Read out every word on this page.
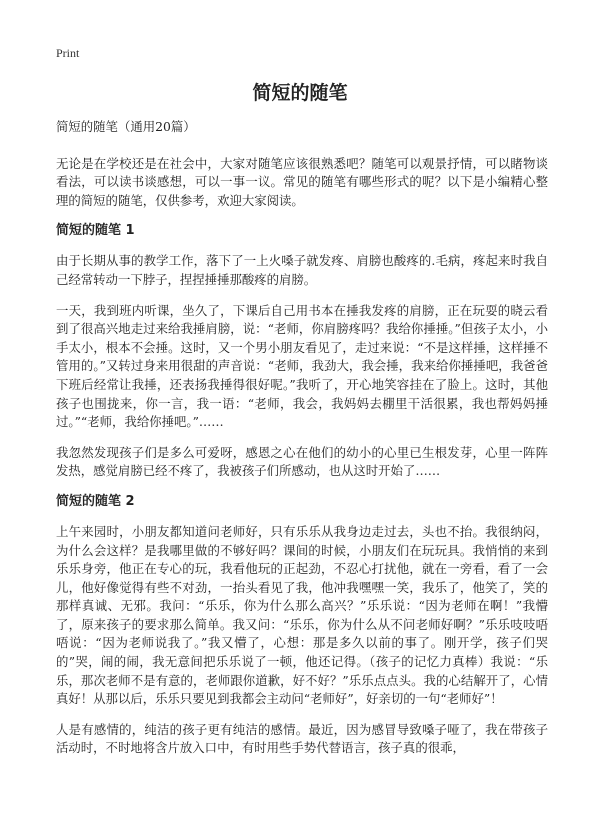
Print
简短的随笔

简短的随笔（通用20篇）

无论是在学校还是在社会中，大家对随笔应该很熟悉吧？随笔可以观景抒情，可以睹物谈看法，可以读书谈感想，可以一事一议。常见的随笔有哪些形式的呢？以下是小编精心整理的简短的随笔，仅供参考，欢迎大家阅读。

简短的随笔 1

由于长期从事的教学工作，落下了一上火嗓子就发疼、肩膀也酸疼的.毛病，疼起来时我自己经常转动一下脖子，捏捏捶捶那酸疼的肩膀。

一天，我到班内听课，坐久了，下课后自己用书本在捶我发疼的肩膀，正在玩耍的晓云看到了很高兴地走过来给我捶肩膀，说：“老师，你肩膀疼吗？我给你捶捶。”但孩子太小，小手太小，根本不会捶。这时，又一个男小朋友看见了，走过来说：“不是这样捶，这样捶不管用的。”又转过身来用很甜的声音说：“老师，我劲大，我会捶，我来给你捶捶吧，我爸爸下班后经常让我捶，还表扬我捶得很好呢。”我听了，开心地笑容挂在了脸上。这时，其他孩子也围拢来，你一言，我一语：“老师，我会，我妈妈去棚里干活很累，我也帮妈妈捶过。”“老师，我给你捶吧。”……

我忽然发现孩子们是多么可爱呀，感恩之心在他们的幼小的心里已生根发芽，心里一阵阵发热，感觉肩膀已经不疼了，我被孩子们所感动，也从这时开始了……

简短的随笔 2

上午来园时，小朋友都知道问老师好，只有乐乐从我身边走过去，头也不抬。我很纳闷，为什么会这样？是我哪里做的不够好吗？课间的时候，小朋友们在玩玩具。我悄悄的来到乐乐身旁，他正在专心的玩，我看他玩的正起劲，不忍心打扰他，就在一旁看，看了一会儿，他好像觉得有些不对劲，一抬头看见了我，他冲我嘿嘿一笑，我乐了，他笑了，笑的那样真诚、无邪。我问：“乐乐，你为什么那么高兴？”乐乐说：“因为老师在啊！”我懵了，原来孩子的要求那么简单。我又问：“乐乐，你为什么从不问老师好啊？”乐乐吱吱唔唔说：“因为老师说我了。”我又懵了，心想：那是多久以前的事了。刚开学，孩子们哭的”哭，闹的闹，我无意间把乐乐说了一顿，他还记得。（孩子的记忆力真棒）我说：“乐乐，那次老师不是有意的，老师跟你道歉，好不好？”乐乐点点头。我的心结解开了，心情真好！从那以后，乐乐只要见到我都会主动问“老师好”，好亲切的一句“老师好”！

人是有感情的，纯洁的孩子更有纯洁的感情。最近，因为感冒导致嗓子哑了，我在带孩子活动时，不时地将含片放入口中，有时用些手势代替语言，孩子真的很乖，
